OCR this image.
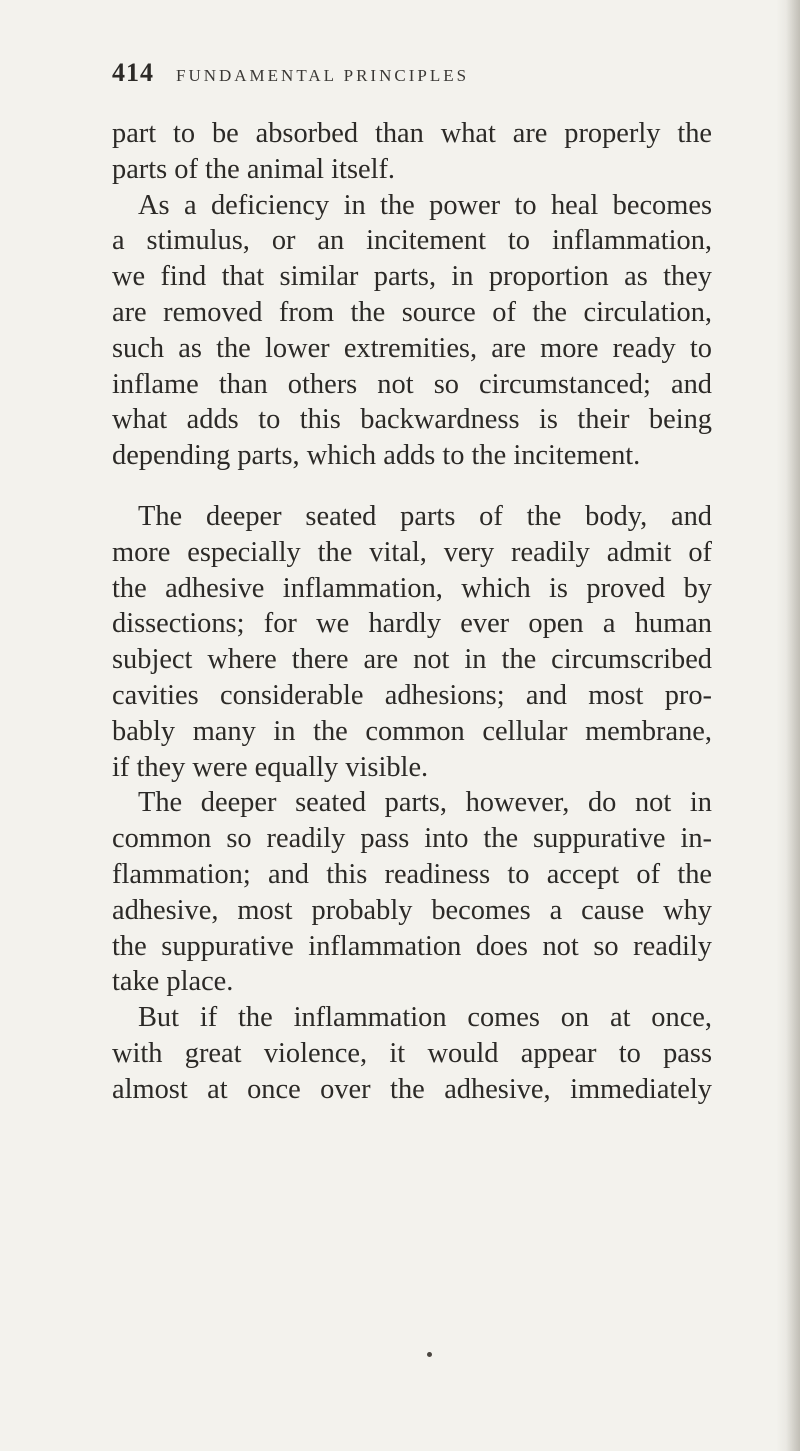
414 FUNDAMENTAL PRINCIPLES
part to be absorbed than what are properly the
parts of the animal itself.
As a deficiency in the power to heal becomes
a stimulus, or an incitement to inflammation,
we find that similar parts, in proportion as they
are removed from the source of the circulation,
such as the lower extremities, are more ready to
inflame than others not so circumstanced; and
what adds to this backwardness is their being
depending parts, which adds to the incitement.
The deeper seated parts of the body, and
more especially the vital, very readily admit of
the adhesive inflammation, which is proved by
dissections; for we hardly ever open a human
subject where there are not in the circumscribed
cavities considerable adhesions; and most pro-
bably many in the common cellular membrane,
if they were equally visible.
The deeper seated parts, however, do not in
common so readily pass into the suppurative in-
flammation; and this readiness to accept of the
adhesive, most probably becomes a cause why
the suppurative inflammation does not so readily
take place.
But if the inflammation comes on at once,
with great violence, it would appear to pass
almost at once over the adhesive, immediately
